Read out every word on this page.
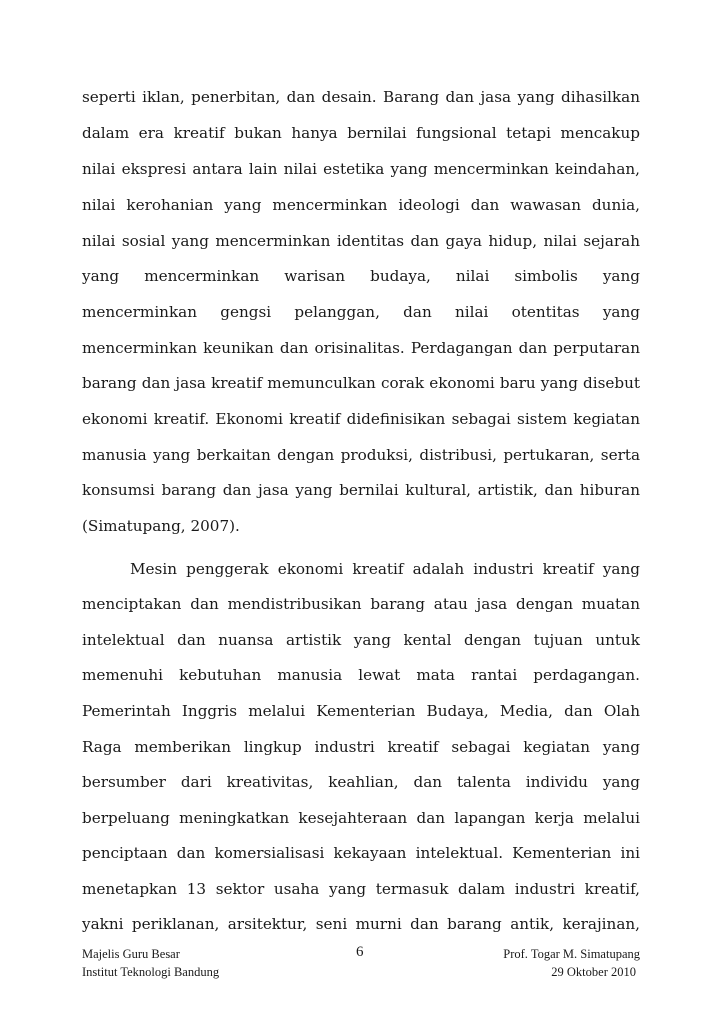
seperti iklan, penerbitan, dan desain. Barang dan jasa yang dihasilkan
dalam era kreatif bukan hanya bernilai fungsional tetapi mencakup
nilai ekspresi antara lain nilai estetika yang mencerminkan keindahan,
nilai kerohanian yang mencerminkan ideologi dan wawasan dunia,
nilai sosial yang mencerminkan identitas dan gaya hidup, nilai sejarah
yang mencerminkan warisan budaya, nilai simbolis yang
mencerminkan gengsi pelanggan, dan nilai otentitas yang
mencerminkan keunikan dan orisinalitas. Perdagangan dan perputaran
barang dan jasa kreatif memunculkan corak ekonomi baru yang disebut
ekonomi kreatif. Ekonomi kreatif didefinisikan sebagai sistem kegiatan
manusia yang berkaitan dengan produksi, distribusi, pertukaran, serta
konsumsi barang dan jasa yang bernilai kultural, artistik, dan hiburan
(Simatupang, 2007).
Mesin penggerak ekonomi kreatif adalah industri kreatif yang
menciptakan dan mendistribusikan barang atau jasa dengan muatan
intelektual dan nuansa artistik yang kental dengan tujuan untuk
memenuhi kebutuhan manusia lewat mata rantai perdagangan.
Pemerintah Inggris melalui Kementerian Budaya, Media, dan Olah
Raga memberikan lingkup industri kreatif sebagai kegiatan yang
bersumber dari kreativitas, keahlian, dan talenta individu yang
berpeluang meningkatkan kesejahteraan dan lapangan kerja melalui
penciptaan dan komersialisasi kekayaan intelektual. Kementerian ini
menetapkan 13 sektor usaha yang termasuk dalam industri kreatif,
yakni periklanan, arsitektur, seni murni dan barang antik, kerajinan,
Majelis Guru Besar
Institut Teknologi Bandung
6	Prof. Togar M. Simatupang
29 Oktober 2010
